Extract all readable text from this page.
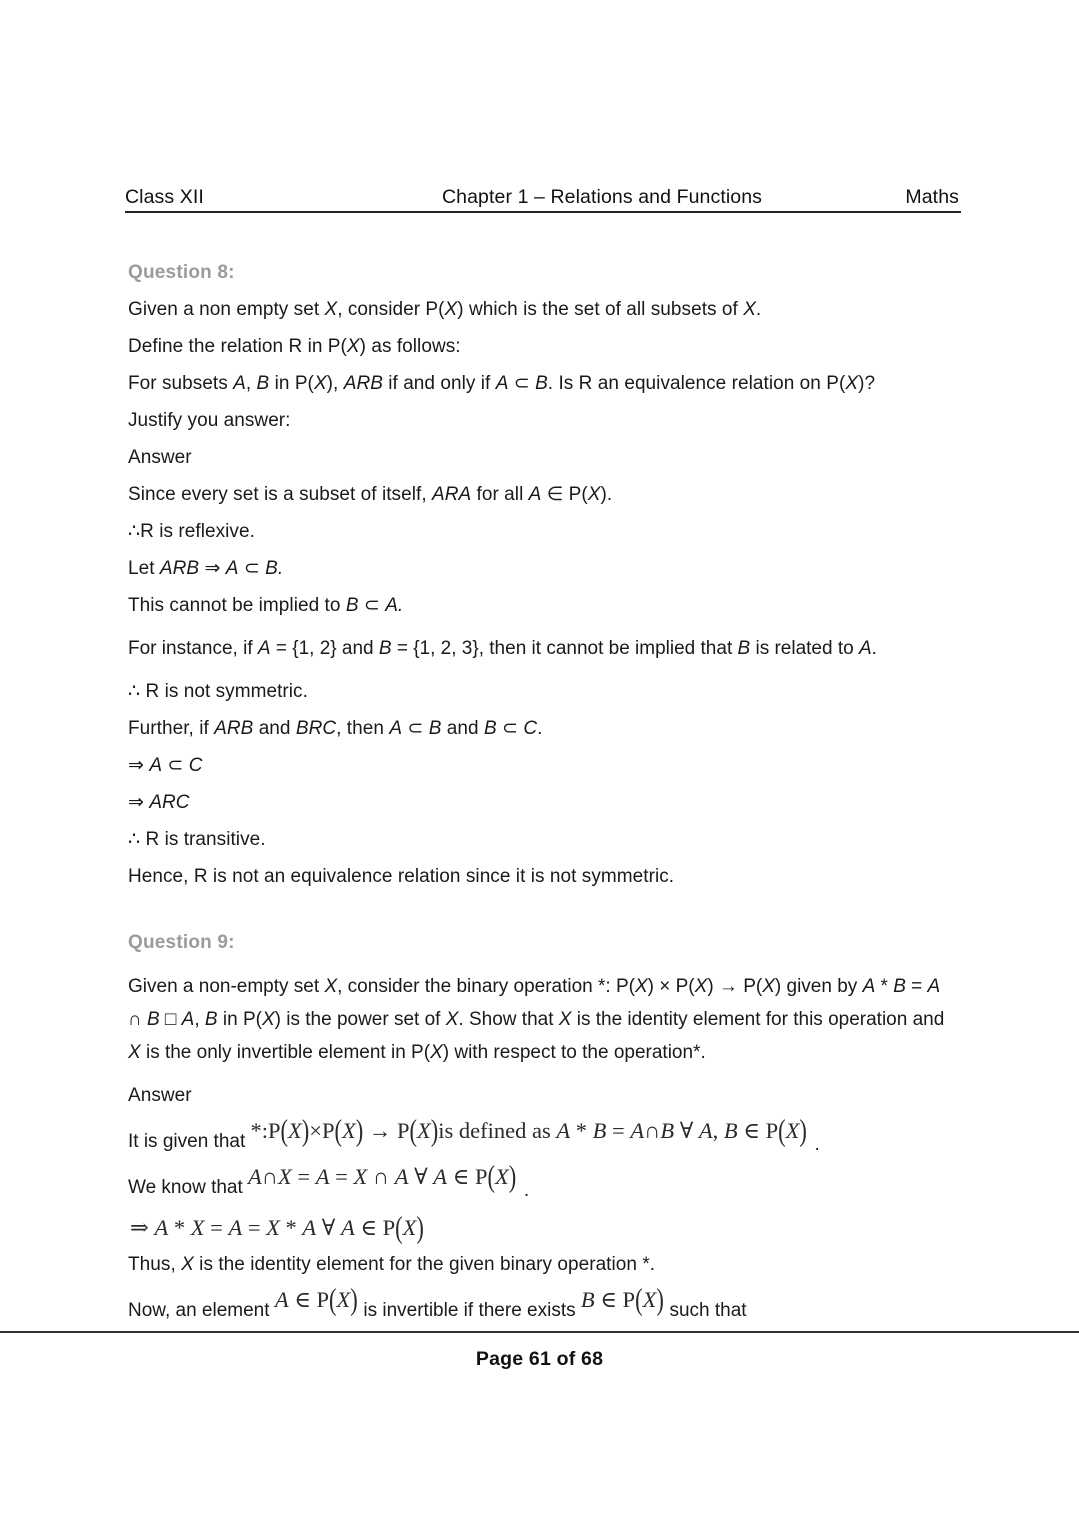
Class XII	Chapter 1 – Relations and Functions	Maths
Question 8:

Given a non empty set X, consider P(X) which is the set of all subsets of X.

Define the relation R in P(X) as follows:

For subsets A, B in P(X), ARB if and only if A ⊂ B. Is R an equivalence relation on P(X)?

Justify you answer:

Answer

Since every set is a subset of itself, ARA for all A ∈ P(X).

∴R is reflexive.

Let ARB ⇒ A ⊂ B.

This cannot be implied to B ⊂ A.

For instance, if A = {1, 2} and B = {1, 2, 3}, then it cannot be implied that B is related to A.

∴ R is not symmetric.

Further, if ARB and BRC, then A ⊂ B and B ⊂ C.

⇒ A ⊂ C

⇒ ARC

∴ R is transitive.

Hence, R is not an equivalence relation since it is not symmetric.

Question 9:

Given a non-empty set X, consider the binary operation *: P(X) × P(X) → P(X) given by A * B = A ∩ B □ A, B in P(X) is the power set of X. Show that X is the identity element for this operation and X is the only invertible element in P(X) with respect to the operation*.

Answer

It is given that *:P(X)×P(X) → P(X)is defined as A * B = A∩B ∀ A, B ∈ P(X) .

We know that A∩X = A = X ∩ A ∀ A ∈ P(X) .

⇒ A * X = A = X * A ∀ A ∈ P(X)

Thus, X is the identity element for the given binary operation *.

Now, an element A ∈ P(X) is invertible if there exists B ∈ P(X) such that

Page 61 of 68
